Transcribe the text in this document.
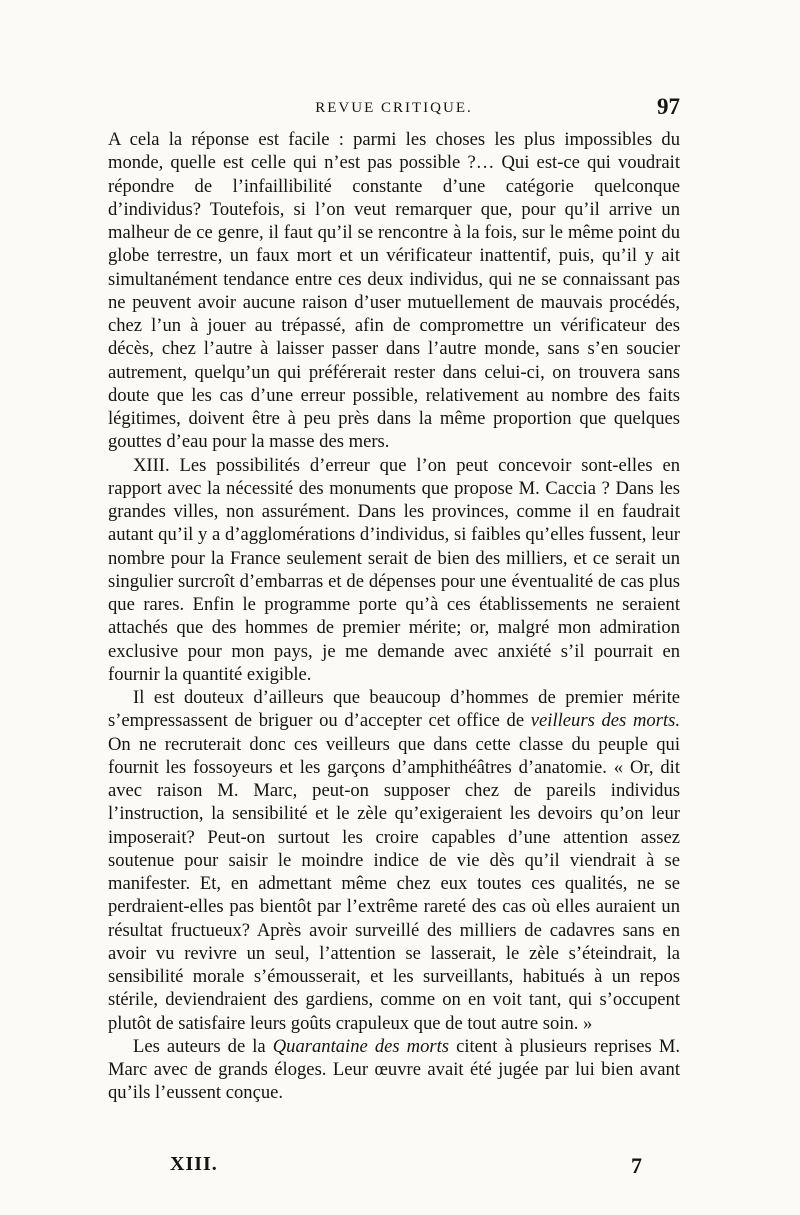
REVUE CRITIQUE.	97

A cela la réponse est facile : parmi les choses les plus impossibles du monde, quelle est celle qui n’est pas possible ?… Qui est-ce qui voudrait répondre de l’infaillibilité constante d’une catégorie quelconque d’individus? Toutefois, si l’on veut remarquer que, pour qu’il arrive un malheur de ce genre, il faut qu’il se rencontre à la fois, sur le même point du globe terrestre, un faux mort et un vérificateur inattentif, puis, qu’il y ait simultanément tendance entre ces deux individus, qui ne se connaissant pas ne peuvent avoir aucune raison d’user mutuellement de mauvais procédés, chez l’un à jouer au trépassé, afin de compromettre un vérificateur des décès, chez l’autre à laisser passer dans l’autre monde, sans s’en soucier autrement, quelqu’un qui préférerait rester dans celui-ci, on trouvera sans doute que les cas d’une erreur possible, relativement au nombre des faits légitimes, doivent être à peu près dans la même proportion que quelques gouttes d’eau pour la masse des mers.

XIII. Les possibilités d’erreur que l’on peut concevoir sont-elles en rapport avec la nécessité des monuments que propose M. Caccia ? Dans les grandes villes, non assurément. Dans les provinces, comme il en faudrait autant qu’il y a d’agglomérations d’individus, si faibles qu’elles fussent, leur nombre pour la France seulement serait de bien des milliers, et ce serait un singulier surcroît d’embarras et de dépenses pour une éventualité de cas plus que rares. Enfin le programme porte qu’à ces établissements ne seraient attachés que des hommes de premier mérite; or, malgré mon admiration exclusive pour mon pays, je me demande avec anxiété s’il pourrait en fournir la quantité exigible.

Il est douteux d’ailleurs que beaucoup d’hommes de premier mérite s’empressassent de briguer ou d’accepter cet office de veilleurs des morts. On ne recruterait donc ces veilleurs que dans cette classe du peuple qui fournit les fossoyeurs et les garçons d’amphithéâtres d’anatomie. « Or, dit avec raison M. Marc, peut-on supposer chez de pareils individus l’instruction, la sensibilité et le zèle qu’exigeraient les devoirs qu’on leur imposerait? Peut-on surtout les croire capables d’une attention assez soutenue pour saisir le moindre indice de vie dès qu’il viendrait à se manifester. Et, en admettant même chez eux toutes ces qualités, ne se perdraient-elles pas bientôt par l’extrême rareté des cas où elles auraient un résultat fructueux? Après avoir surveillé des milliers de cadavres sans en avoir vu revivre un seul, l’attention se lasserait, le zèle s’éteindrait, la sensibilité morale s’émousserait, et les surveillants, habitués à un repos stérile, deviendraient des gardiens, comme on en voit tant, qui s’occupent plutôt de satisfaire leurs goûts crapuleux que de tout autre soin. »

Les auteurs de la Quarantaine des morts citent à plusieurs reprises M. Marc avec de grands éloges. Leur œuvre avait été jugée par lui bien avant qu’ils l’eussent conçue.

XIII.	7
